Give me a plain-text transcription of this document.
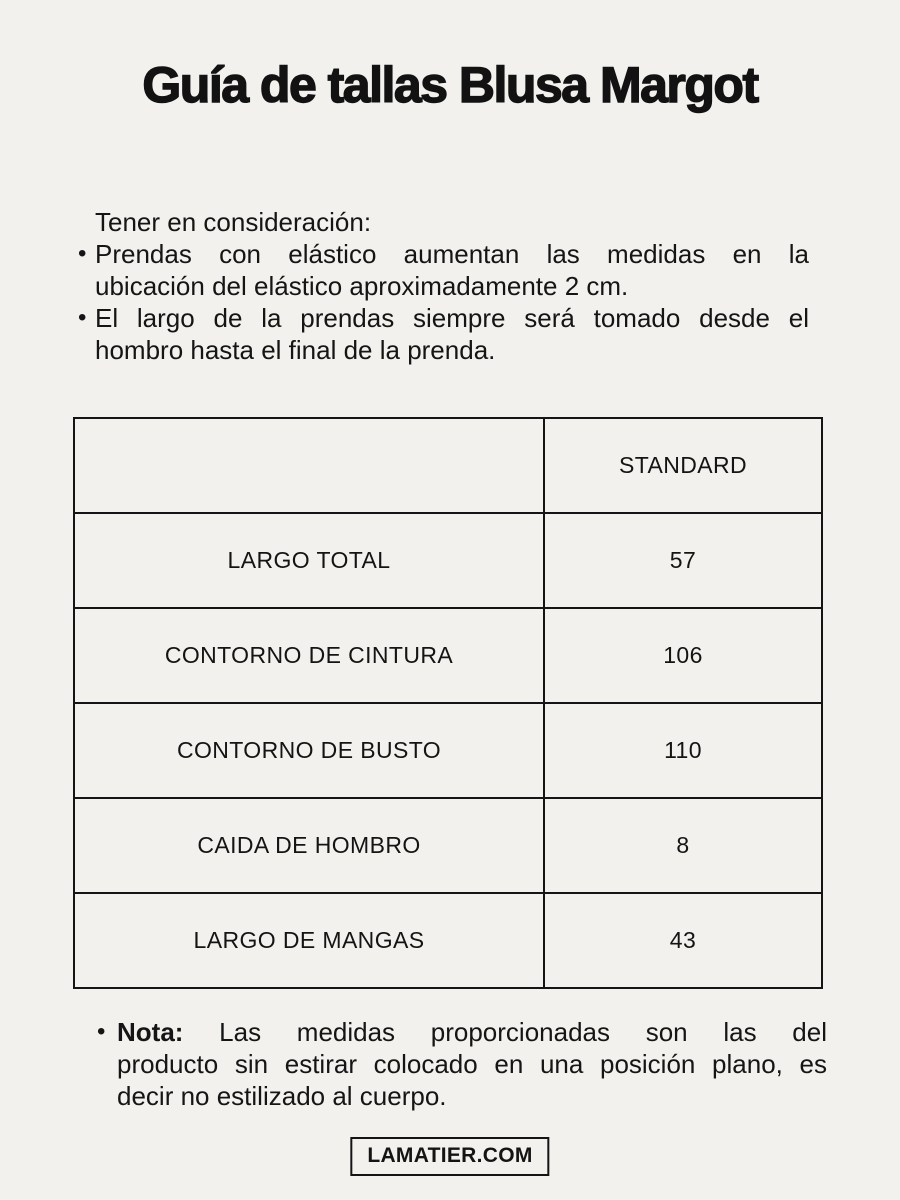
Guía de tallas Blusa Margot
Tener en consideración:
• Prendas con elástico aumentan las medidas en la
ubicación del elástico aproximadamente 2 cm.
• El largo de la prendas siempre será tomado desde el
hombro hasta el final de la prenda.
	STANDARD
LARGO TOTAL	57
CONTORNO DE CINTURA	106
CONTORNO DE BUSTO	110
CAIDA DE HOMBRO	8
LARGO DE MANGAS	43
• Nota: Las medidas proporcionadas son las del
producto sin estirar colocado en una posición plano, es
decir no estilizado al cuerpo.
LAMATIER.COM
